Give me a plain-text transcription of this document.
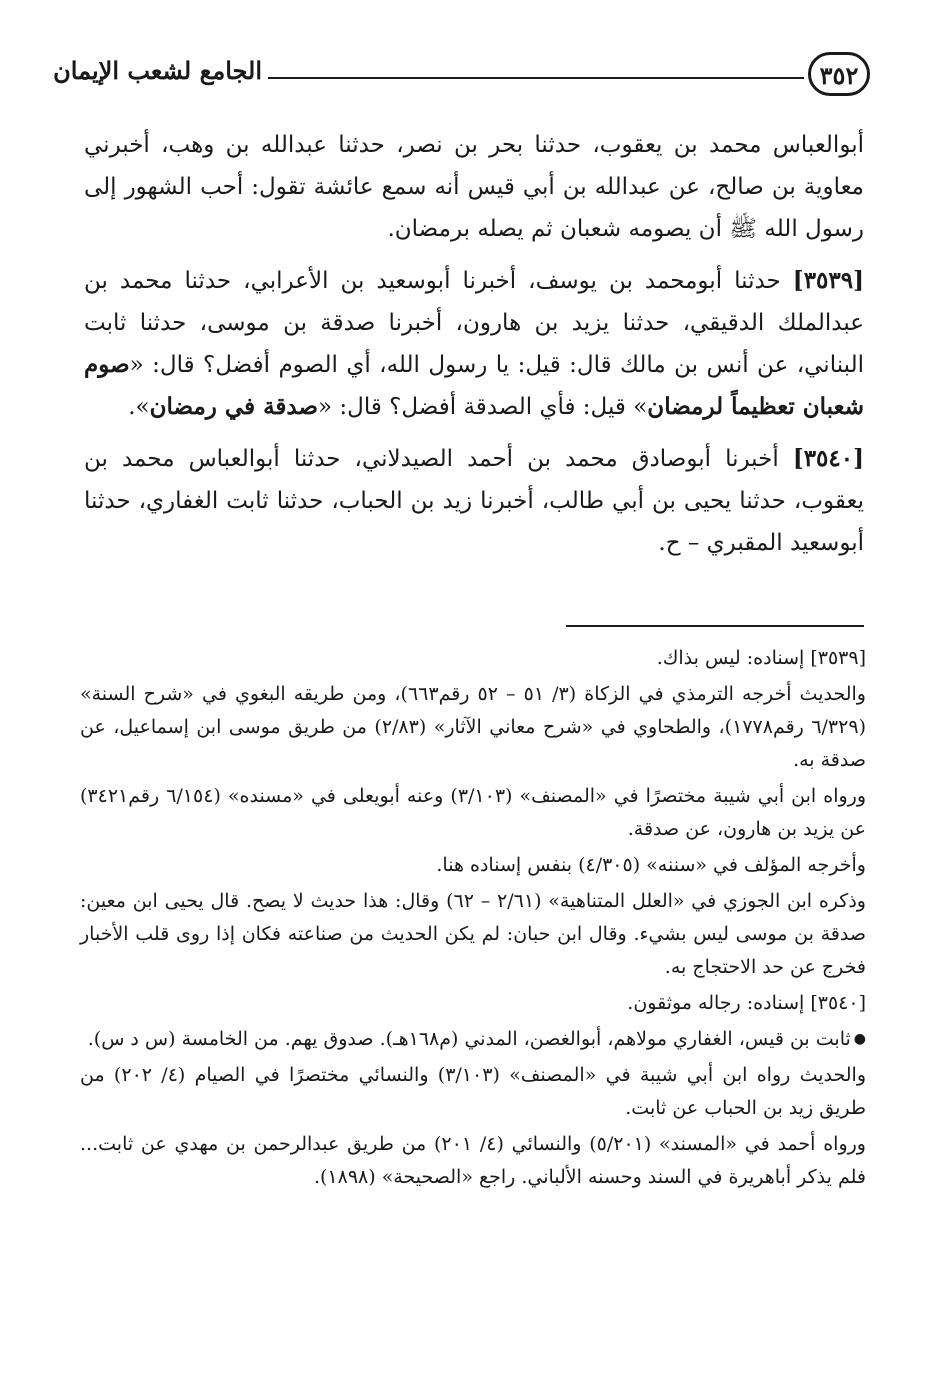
٣٥٢
الجامع لشعب الإيمان

أبوالعباس محمد بن يعقوب، حدثنا بحر بن نصر، حدثنا عبدالله بن وهب، أخبرني معاوية بن صالح، عن عبدالله بن أبي قيس أنه سمع عائشة تقول: أحب الشهور إلى رسول الله ﷺ أن يصومه شعبان ثم يصله برمضان.

[٣٥٣٩] حدثنا أبومحمد بن يوسف، أخبرنا أبوسعيد بن الأعرابي، حدثنا محمد بن عبدالملك الدقيقي، حدثنا يزيد بن هارون، أخبرنا صدقة بن موسى، حدثنا ثابت البناني، عن أنس بن مالك قال: قيل: يا رسول الله، أي الصوم أفضل؟ قال: «صوم شعبان تعظيماً لرمضان» قيل: فأي الصدقة أفضل؟ قال: «صدقة في رمضان».

[٣٥٤٠] أخبرنا أبوصادق محمد بن أحمد الصيدلاني، حدثنا أبوالعباس محمد بن يعقوب، حدثنا يحيى بن أبي طالب، أخبرنا زيد بن الحباب، حدثنا ثابت الغفاري، حدثنا أبوسعيد المقبري – ح.

[٣٥٣٩] إسناده: ليس بذاك.

والحديث أخرجه الترمذي في الزكاة (٣/ ٥١ – ٥٢ رقم٦٦٣)، ومن طريقه البغوي في «شرح السنة» (٦/٣٢٩ رقم١٧٧٨)، والطحاوي في «شرح معاني الآثار» (٢/٨٣) من طريق موسى ابن إسماعيل، عن صدقة به.

ورواه ابن أبي شيبة مختصرًا في «المصنف» (٣/١٠٣) وعنه أبويعلى في «مسنده» (٦/١٥٤ رقم٣٤٢١) عن يزيد بن هارون، عن صدقة.

وأخرجه المؤلف في «سننه» (٤/٣٠٥) بنفس إسناده هنا.

وذكره ابن الجوزي في «العلل المتناهية» (٢/٦١ – ٦٢) وقال: هذا حديث لا يصح. قال يحيى ابن معين: صدقة بن موسى ليس بشيء. وقال ابن حبان: لم يكن الحديث من صناعته فكان إذا روى قلب الأخبار فخرج عن حد الاحتجاج به.

[٣٥٤٠] إسناده: رجاله موثقون.

●ثابت بن قيس، الغفاري مولاهم، أبوالغصن، المدني (م١٦٨هـ). صدوق يهم. من الخامسة (س د س).

والحديث رواه ابن أبي شيبة في «المصنف» (٣/١٠٣) والنسائي مختصرًا في الصيام (٤/ ٢٠٢) من طريق زيد بن الحباب عن ثابت.

ورواه أحمد في «المسند» (٥/٢٠١) والنسائي (٤/ ٢٠١) من طريق عبدالرحمن بن مهدي عن ثابت... فلم يذكر أباهريرة في السند وحسنه الألباني. راجع «الصحيحة» (١٨٩٨).
